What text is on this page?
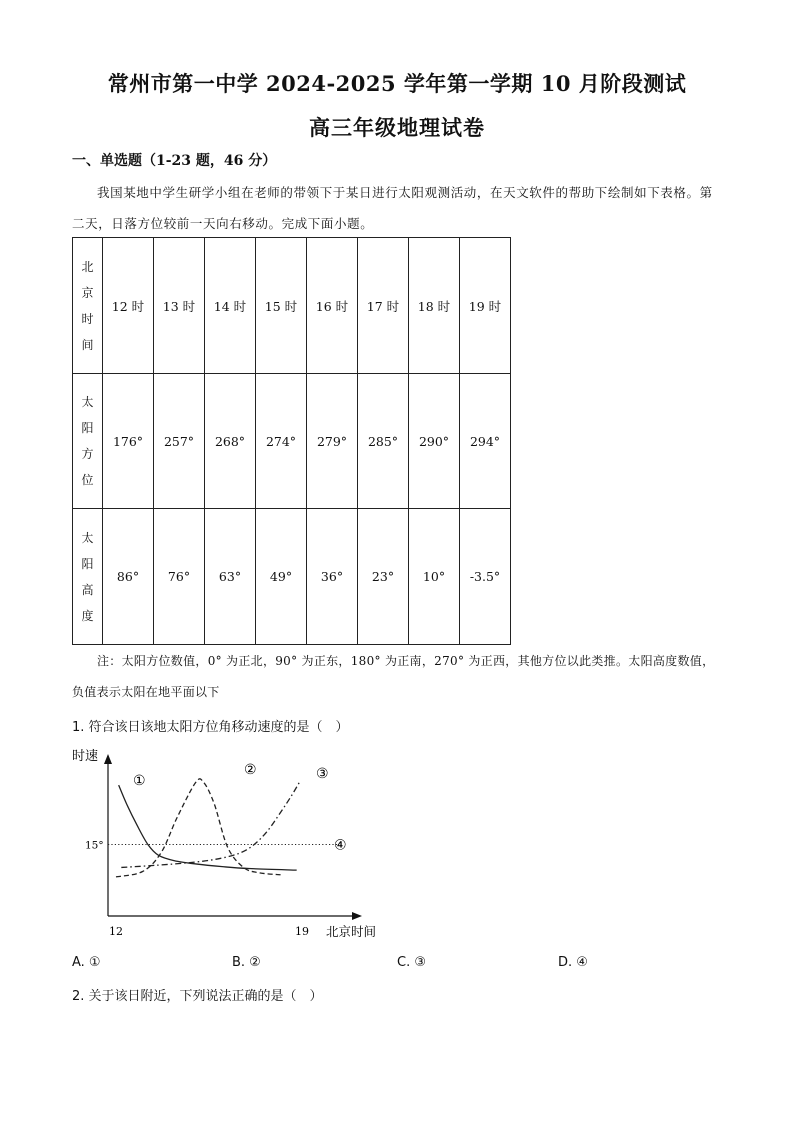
常州市第一中学 2024-2025 学年第一学期 10 月阶段测试
高三年级地理试卷
一、单选题（1-23 题，46 分）
我国某地中学生研学小组在老师的带领下于某日进行太阳观测活动，在天文软件的帮助下绘制如下表格。第二天，日落方位较前一天向右移动。完成下面小题。
北
京
时
间	12 时	13 时	14 时	15 时	16 时	17 时	18 时	19 时

太
阳
方
位	176°	257°	268°	274°	279°	285°	290°	294°

太
阳
高
度	86°	76°	63°	49°	36°	23°	10°	-3.5°
注：太阳方位数值，0° 为正北，90° 为正东，180° 为正南，270° 为正西，其他方位以此类推。太阳高度数值，负值表示太阳在地平面以下
1. 符合该日该地太阳方位角移动速度的是（　）
时速
北京时间
12	19
15°
①
②	③
④
A. ①	B. ②	C. ③	D. ④
2. 关于该日附近，下列说法正确的是（　）
